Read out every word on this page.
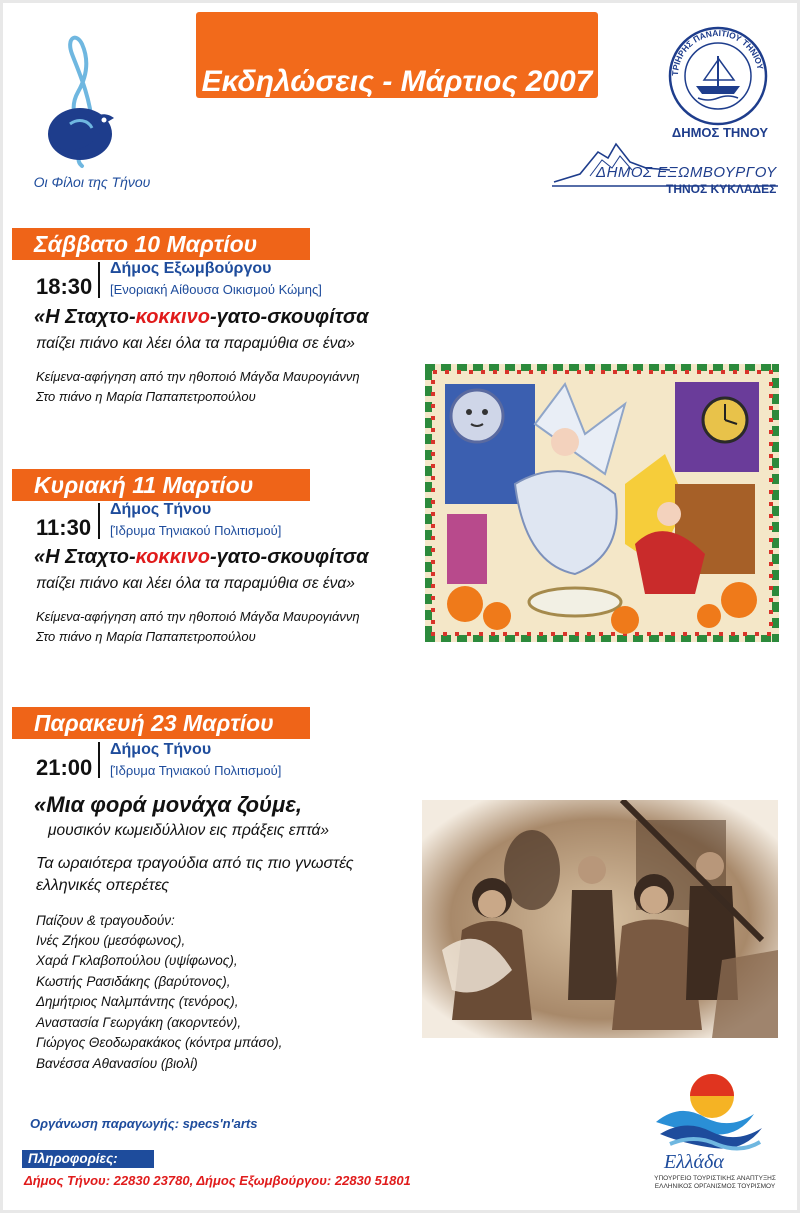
Οι Φίλοι της Τήνου
Εκδηλώσεις - Μάρτιος 2007	ΤΡΙΗΡΗΣ ΠΑΝΑΙΤΙΟΥ ΤΗΝΙΟΥ
ΔΗΜΟΣ ΤΗΝΟΥ
ΔΗΜΟΣ ΕΞΩΜΒΟΥΡΓΟΥ
ΤΗΝΟΣ ΚΥΚΛΑΔΕΣ
Σάββατο 10 Μαρτίου
18:30
Δήμος Εξωμβούργου
[Ενοριακή Αίθουσα Οικισμού Κώμης]
«Η Σταχτο-κοκκινο-γατο-σκουφίτσα
παίζει πιάνο και λέει όλα τα παραμύθια σε ένα»
Κείμενα-αφήγηση από την ηθοποιό Μάγδα Μαυρογιάννη
Στο πιάνο η Μαρία Παπαπετροπούλου
Κυριακή 11 Μαρτίου
11:30
Δήμος Τήνου
[Ίδρυμα Τηνιακού Πολιτισμού]
«Η Σταχτο-κοκκινο-γατο-σκουφίτσα
παίζει πιάνο και λέει όλα τα παραμύθια σε ένα»
Κείμενα-αφήγηση από την ηθοποιό Μάγδα Μαυρογιάννη
Στο πιάνο η Μαρία Παπαπετροπούλου
Παρακευή 23 Μαρτίου
21:00
Δήμος Τήνου
[Ίδρυμα Τηνιακού Πολιτισμού]
«Μια φορά μονάχα ζούμε,
μουσικόν κωμειδύλλιον εις πράξεις επτά»
Τα ωραιότερα τραγούδια από τις πιο γνωστές
ελληνικές οπερέτες
Παίζουν & τραγουδούν:
Ινές Ζήκου (μεσόφωνος),
Χαρά Γκλαβοπούλου (υψίφωνος),
Κωστής Ρασιδάκης (βαρύτονος),
Δημήτριος Ναλμπάντης (τενόρος),
Αναστασία Γεωργάκη (ακορντεόν),
Γιώργος Θεοδωρακάκος (κόντρα μπάσο),
Βανέσσα Αθανασίου (βιολί)
Οργάνωση παραγωγής: specs'n'arts
Πληροφορίες:
Δήμος Τήνου: 22830 23780, Δήμος Εξωμβούργου: 22830 51801
Ελλάδα
ΥΠΟΥΡΓΕΙΟ ΤΟΥΡΙΣΤΙΚΗΣ ΑΝΑΠΤΥΞΗΣ
ΕΛΛΗΝΙΚΟΣ ΟΡΓΑΝΙΣΜΟΣ ΤΟΥΡΙΣΜΟΥ
